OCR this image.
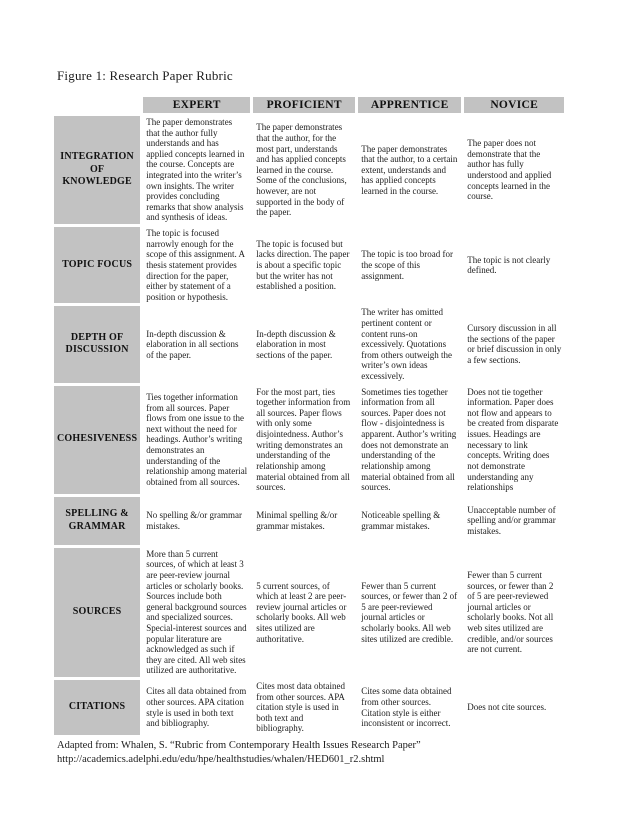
Figure 1: Research Paper Rubric
	EXPERT	PROFICIENT	APPRENTICE	NOVICE
INTEGRATION OF KNOWLEDGE	The paper demonstrates that the author fully understands and has applied concepts learned in the course. Concepts are integrated into the writer’s own insights. The writer provides concluding remarks that show analysis and synthesis of ideas.	The paper demonstrates that the author, for the most part, understands and has applied concepts learned in the course. Some of the conclusions, however, are not supported in the body of the paper.	The paper demonstrates that the author, to a certain extent, understands and has applied concepts learned in the course.	The paper does not demonstrate that the author has fully understood and applied concepts learned in the course.
TOPIC FOCUS	The topic is focused narrowly enough for the scope of this assignment. A thesis statement provides direction for the paper, either by statement of a position or hypothesis.	The topic is focused but lacks direction. The paper is about a specific topic but the writer has not established a position.	The topic is too broad for the scope of this assignment.	The topic is not clearly defined.
DEPTH OF DISCUSSION	In-depth discussion & elaboration in all sections of the paper.	In-depth discussion & elaboration in most sections of the paper.	The writer has omitted pertinent content or content runs-on excessively. Quotations from others outweigh the writer’s own ideas excessively.	Cursory discussion in all the sections of the paper or brief discussion in only a few sections.
COHESIVENESS	Ties together information from all sources. Paper flows from one issue to the next without the need for headings. Author’s writing demonstrates an understanding of the relationship among material obtained from all sources.	For the most part, ties together information from all sources. Paper flows with only some disjointedness. Author’s writing demonstrates an understanding of the relationship among material obtained from all sources.	Sometimes ties together information from all sources. Paper does not flow - disjointedness is apparent. Author’s writing does not demonstrate an understanding of the relationship among material obtained from all sources.	Does not tie together information. Paper does not flow and appears to be created from disparate issues. Headings are necessary to link concepts. Writing does not demonstrate understanding any relationships
SPELLING & GRAMMAR	No spelling &/or grammar mistakes.	Minimal spelling &/or grammar mistakes.	Noticeable spelling & grammar mistakes.	Unacceptable number of spelling and/or grammar mistakes.
SOURCES	More than 5 current sources, of which at least 3 are peer-review journal articles or scholarly books. Sources include both general background sources and specialized sources. Special-interest sources and popular literature are acknowledged as such if they are cited. All web sites utilized are authoritative.	5 current sources, of which at least 2 are peer-review journal articles or scholarly books. All web sites utilized are authoritative.	Fewer than 5 current sources, or fewer than 2 of 5 are peer-reviewed journal articles or scholarly books. All web sites utilized are credible.	Fewer than 5 current sources, or fewer than 2 of 5 are peer-reviewed journal articles or scholarly books. Not all web sites utilized are credible, and/or sources are not current.
CITATIONS	Cites all data obtained from other sources. APA citation style is used in both text and bibliography.	Cites most data obtained from other sources. APA citation style is used in both text and bibliography.	Cites some data obtained from other sources. Citation style is either inconsistent or incorrect.	Does not cite sources.
Adapted from: Whalen, S. “Rubric from Contemporary Health Issues Research Paper”
http://academics.adelphi.edu/edu/hpe/healthstudies/whalen/HED601_r2.shtml
